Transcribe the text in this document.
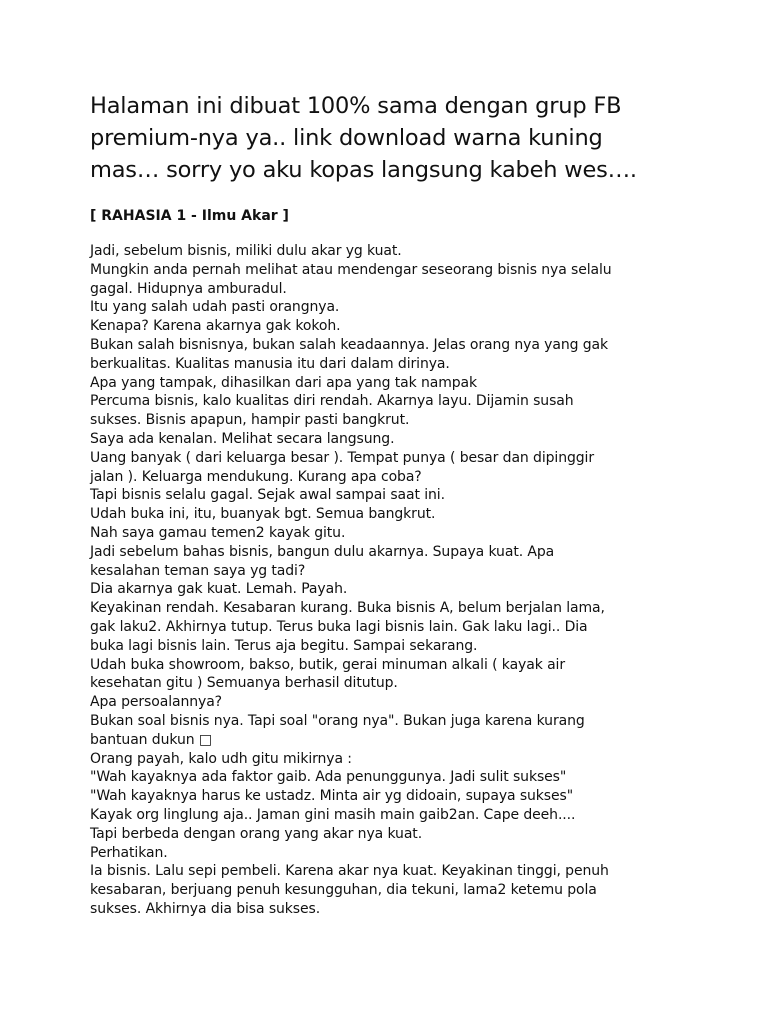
Halaman ini dibuat 100% sama dengan grup FB
premium-nya ya.. link download warna kuning
mas… sorry yo aku kopas langsung kabeh wes….
[ RAHASIA 1 - Ilmu Akar ]
Jadi, sebelum bisnis, miliki dulu akar yg kuat.
Mungkin anda pernah melihat atau mendengar seseorang bisnis nya selalu
gagal. Hidupnya amburadul.
Itu yang salah udah pasti orangnya.
Kenapa? Karena akarnya gak kokoh.
Bukan salah bisnisnya, bukan salah keadaannya. Jelas orang nya yang gak
berkualitas. Kualitas manusia itu dari dalam dirinya.
Apa yang tampak, dihasilkan dari apa yang tak nampak
Percuma bisnis, kalo kualitas diri rendah. Akarnya layu. Dijamin susah
sukses. Bisnis apapun, hampir pasti bangkrut.
Saya ada kenalan. Melihat secara langsung.
Uang banyak ( dari keluarga besar ). Tempat punya ( besar dan dipinggir
jalan ). Keluarga mendukung. Kurang apa coba?
Tapi bisnis selalu gagal. Sejak awal sampai saat ini.
Udah buka ini, itu, buanyak bgt. Semua bangkrut.
Nah saya gamau temen2 kayak gitu.
Jadi sebelum bahas bisnis, bangun dulu akarnya. Supaya kuat. Apa
kesalahan teman saya yg tadi?
Dia akarnya gak kuat. Lemah. Payah.
Keyakinan rendah. Kesabaran kurang. Buka bisnis A, belum berjalan lama,
gak laku2. Akhirnya tutup. Terus buka lagi bisnis lain. Gak laku lagi.. Dia
buka lagi bisnis lain. Terus aja begitu. Sampai sekarang.
Udah buka showroom, bakso, butik, gerai minuman alkali ( kayak air
kesehatan gitu ) Semuanya berhasil ditutup.
Apa persoalannya?
Bukan soal bisnis nya. Tapi soal "orang nya". Bukan juga karena kurang
bantuan dukun □
Orang payah, kalo udh gitu mikirnya :
"Wah kayaknya ada faktor gaib. Ada penunggunya. Jadi sulit sukses"
"Wah kayaknya harus ke ustadz. Minta air yg didoain, supaya sukses"
Kayak org linglung aja.. Jaman gini masih main gaib2an. Cape deeh....
Tapi berbeda dengan orang yang akar nya kuat.
Perhatikan.
Ia bisnis. Lalu sepi pembeli. Karena akar nya kuat. Keyakinan tinggi, penuh
kesabaran, berjuang penuh kesungguhan, dia tekuni, lama2 ketemu pola
sukses. Akhirnya dia bisa sukses.
